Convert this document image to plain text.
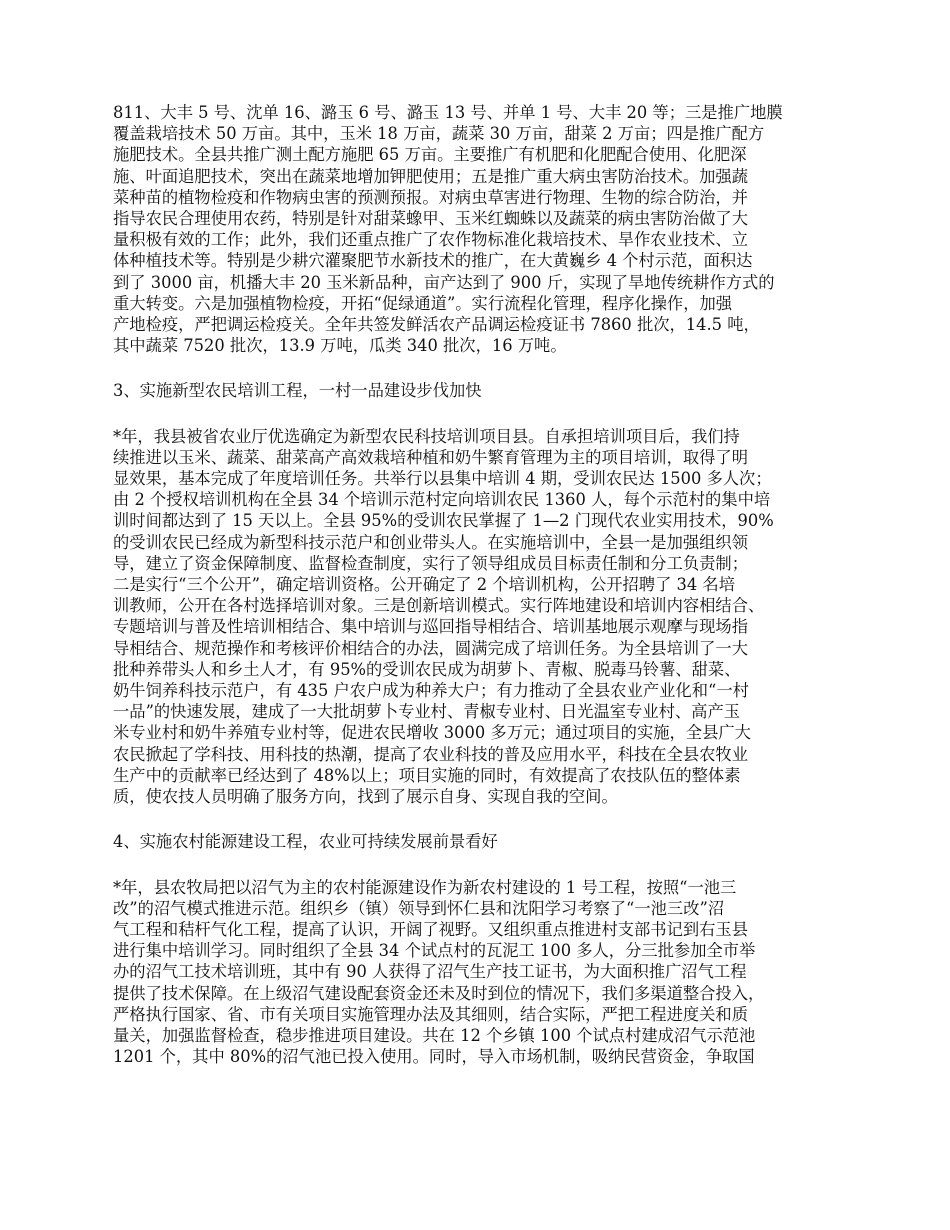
811、大丰 5 号、沈单 16、潞玉 6 号、潞玉 13 号、并单 1 号、大丰 20 等；三是推广地膜
覆盖栽培技术 50 万亩。其中，玉米 18 万亩，蔬菜 30 万亩，甜菜 2 万亩；四是推广配方
施肥技术。全县共推广测土配方施肥 65 万亩。主要推广有机肥和化肥配合使用、化肥深
施、叶面追肥技术，突出在蔬菜地增加钾肥使用；五是推广重大病虫害防治技术。加强蔬
菜种苗的植物检疫和作物病虫害的预测预报。对病虫草害进行物理、生物的综合防治，并
指导农民合理使用农药，特别是针对甜菜蟓甲、玉米红蜘蛛以及蔬菜的病虫害防治做了大
量积极有效的工作；此外，我们还重点推广了农作物标准化栽培技术、旱作农业技术、立
体种植技术等。特别是少耕穴灌聚肥节水新技术的推广，在大黄巍乡 4 个村示范，面积达
到了 3000 亩，机播大丰 20 玉米新品种，亩产达到了 900 斤，实现了旱地传统耕作方式的
重大转变。六是加强植物检疫，开拓“促绿通道”。实行流程化管理，程序化操作，加强
产地检疫，严把调运检疫关。全年共签发鲜活农产品调运检疫证书 7860 批次，14.5 吨，
其中蔬菜 7520 批次，13.9 万吨，瓜类 340 批次，16 万吨。

3、实施新型农民培训工程，一村一品建设步伐加快

*年，我县被省农业厅优选确定为新型农民科技培训项目县。自承担培训项目后，我们持
续推进以玉米、蔬菜、甜菜高产高效栽培种植和奶牛繁育管理为主的项目培训，取得了明
显效果，基本完成了年度培训任务。共举行以县集中培训 4 期，受训农民达 1500 多人次；
由 2 个授权培训机构在全县 34 个培训示范村定向培训农民 1360 人，每个示范村的集中培
训时间都达到了 15 天以上。全县 95%的受训农民掌握了 1—2 门现代农业实用技术，90%
的受训农民已经成为新型科技示范户和创业带头人。在实施培训中，全县一是加强组织领
导，建立了资金保障制度、监督检查制度，实行了领导组成员目标责任制和分工负责制；
二是实行“三个公开”，确定培训资格。公开确定了 2 个培训机构，公开招聘了 34 名培
训教师，公开在各村选择培训对象。三是创新培训模式。实行阵地建设和培训内容相结合、
专题培训与普及性培训相结合、集中培训与巡回指导相结合、培训基地展示观摩与现场指
导相结合、规范操作和考核评价相结合的办法，圆满完成了培训任务。为全县培训了一大
批种养带头人和乡土人才，有 95%的受训农民成为胡萝卜、青椒、脱毒马铃薯、甜菜、
奶牛饲养科技示范户，有 435 户农户成为种养大户；有力推动了全县农业产业化和“一村
一品”的快速发展，建成了一大批胡萝卜专业村、青椒专业村、日光温室专业村、高产玉
米专业村和奶牛养殖专业村等，促进农民增收 3000 多万元；通过项目的实施，全县广大
农民掀起了学科技、用科技的热潮，提高了农业科技的普及应用水平，科技在全县农牧业
生产中的贡献率已经达到了 48%以上；项目实施的同时，有效提高了农技队伍的整体素
质，使农技人员明确了服务方向，找到了展示自身、实现自我的空间。

4、实施农村能源建设工程，农业可持续发展前景看好

*年，县农牧局把以沼气为主的农村能源建设作为新农村建设的 1 号工程，按照“一池三
改”的沼气模式推进示范。组织乡（镇）领导到怀仁县和沈阳学习考察了“一池三改”沼
气工程和秸杆气化工程，提高了认识，开阔了视野。又组织重点推进村支部书记到右玉县
进行集中培训学习。同时组织了全县 34 个试点村的瓦泥工 100 多人，分三批参加全市举
办的沼气工技术培训班，其中有 90 人获得了沼气生产技工证书，为大面积推广沼气工程
提供了技术保障。在上级沼气建设配套资金还未及时到位的情况下，我们多渠道整合投入，
严格执行国家、省、市有关项目实施管理办法及其细则，结合实际，严把工程进度关和质
量关，加强监督检查，稳步推进项目建设。共在 12 个乡镇 100 个试点村建成沼气示范池
1201 个，其中 80%的沼气池已投入使用。同时，导入市场机制，吸纳民营资金，争取国
